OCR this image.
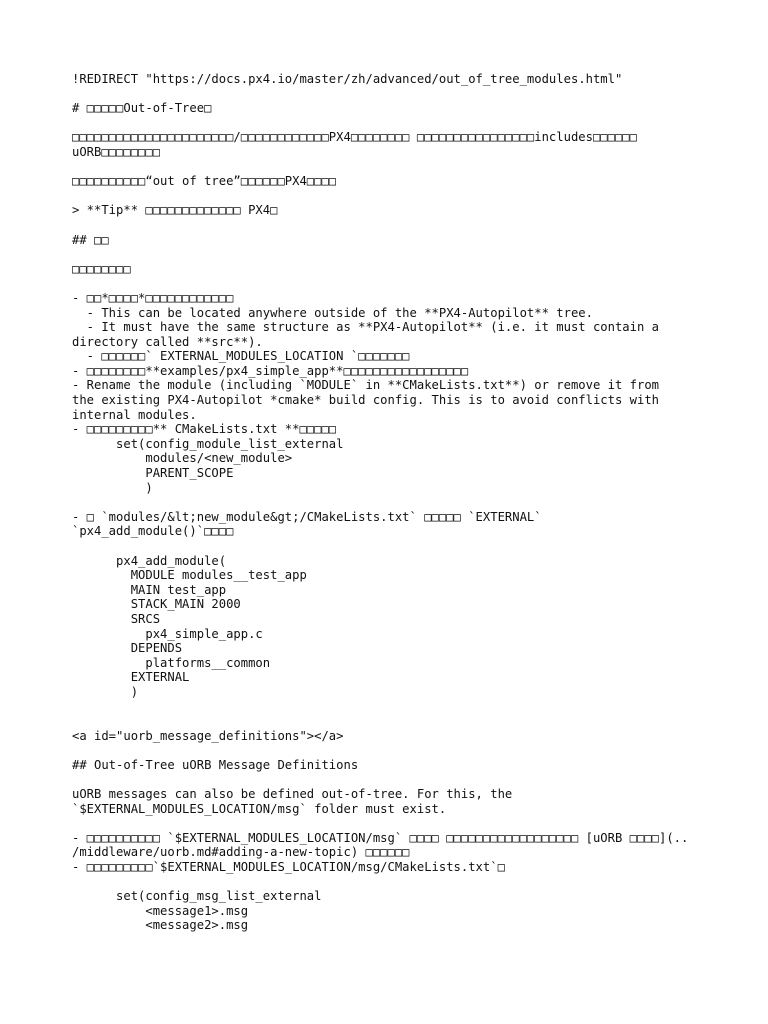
!REDIRECT "https://docs.px4.io/master/zh/advanced/out_of_tree_modules.html"
# □□□□□Out-of-Tree□
□□□□□□□□□□□□□□□□□□□□□□/□□□□□□□□□□□□PX4□□□□□□□□ □□□□□□□□□□□□□□□□includes□□□□□□
uORB□□□□□□□□
□□□□□□□□□□“out of tree”□□□□□□PX4□□□□
> **Tip** □□□□□□□□□□□□□ PX4□
## □□
□□□□□□□□
- □□*□□□□*□□□□□□□□□□□□
- This can be located anywhere outside of the **PX4-Autopilot** tree.
- It must have the same structure as **PX4-Autopilot** (i.e. it must contain a
directory called **src**).
- □□□□□□` EXTERNAL_MODULES_LOCATION `□□□□□□□
- □□□□□□□□**examples/px4_simple_app**□□□□□□□□□□□□□□□□□
- Rename the module (including `MODULE` in **CMakeLists.txt**) or remove it from
the existing PX4-Autopilot *cmake* build config. This is to avoid conflicts with
internal modules.
- □□□□□□□□□** CMakeLists.txt **□□□□□
set(config_module_list_external
modules/<new_module>
PARENT_SCOPE
)
- □ `modules/&lt;new_module&gt;/CMakeLists.txt` □□□□□ `EXTERNAL`
`px4_add_module()`□□□□
px4_add_module(
MODULE modules__test_app
MAIN test_app
STACK_MAIN 2000
SRCS
px4_simple_app.c
DEPENDS
platforms__common
EXTERNAL
)
<a id="uorb_message_definitions"></a>
## Out-of-Tree uORB Message Definitions
uORB messages can also be defined out-of-tree. For this, the
`$EXTERNAL_MODULES_LOCATION/msg` folder must exist.
- □□□□□□□□□□ `$EXTERNAL_MODULES_LOCATION/msg` □□□□ □□□□□□□□□□□□□□□□□□ [uORB □□□□](..
/middleware/uorb.md#adding-a-new-topic) □□□□□□
- □□□□□□□□□`$EXTERNAL_MODULES_LOCATION/msg/CMakeLists.txt`□
set(config_msg_list_external
<message1>.msg
<message2>.msg
